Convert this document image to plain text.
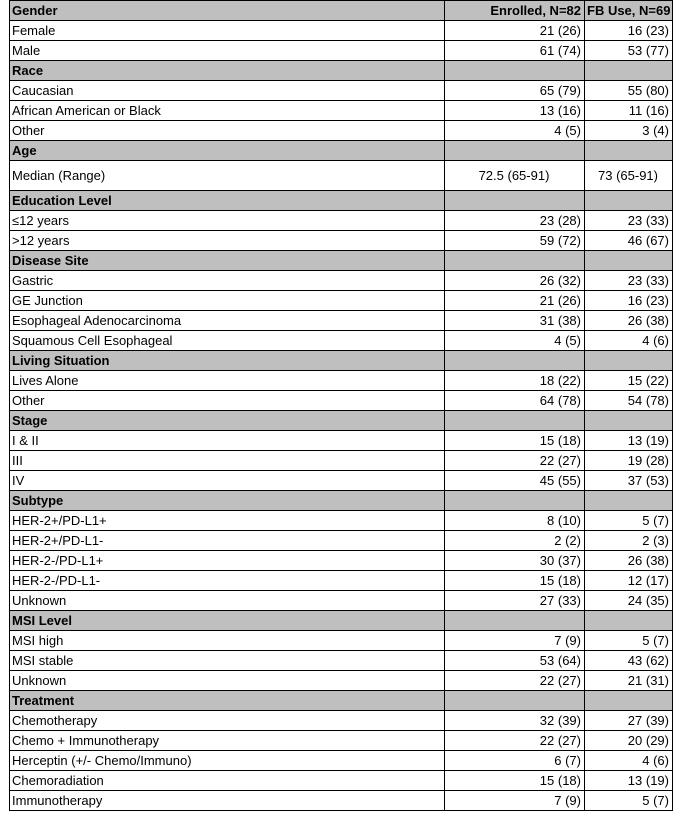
Gender	Enrolled, N=82	FB Use, N=69
Female	21 (26)	16 (23)
Male	61 (74)	53 (77)
Race		
Caucasian	65 (79)	55 (80)
African American or Black	13 (16)	11 (16)
Other	4 (5)	3 (4)
Age		
Median (Range)	72.5 (65-91)	73 (65-91)
Education Level		
≤12 years	23 (28)	23 (33)
>12 years	59 (72)	46 (67)
Disease Site		
Gastric	26 (32)	23 (33)
GE Junction	21 (26)	16 (23)
Esophageal Adenocarcinoma	31 (38)	26 (38)
Squamous Cell Esophageal	4 (5)	4 (6)
Living Situation		
Lives Alone	18 (22)	15 (22)
Other	64 (78)	54 (78)
Stage		
I & II	15 (18)	13 (19)
III	22 (27)	19 (28)
IV	45 (55)	37 (53)
Subtype		
HER-2+/PD-L1+	8 (10)	5 (7)
HER-2+/PD-L1-	2 (2)	2 (3)
HER-2-/PD-L1+	30 (37)	26 (38)
HER-2-/PD-L1-	15 (18)	12 (17)
Unknown	27 (33)	24 (35)
MSI Level		
MSI high	7 (9)	5 (7)
MSI stable	53 (64)	43 (62)
Unknown	22 (27)	21 (31)
Treatment		
Chemotherapy	32 (39)	27 (39)
Chemo + Immunotherapy	22 (27)	20 (29)
Herceptin (+/- Chemo/Immuno)	6 (7)	4 (6)
Chemoradiation	15 (18)	13 (19)
Immunotherapy	7 (9)	5 (7)
